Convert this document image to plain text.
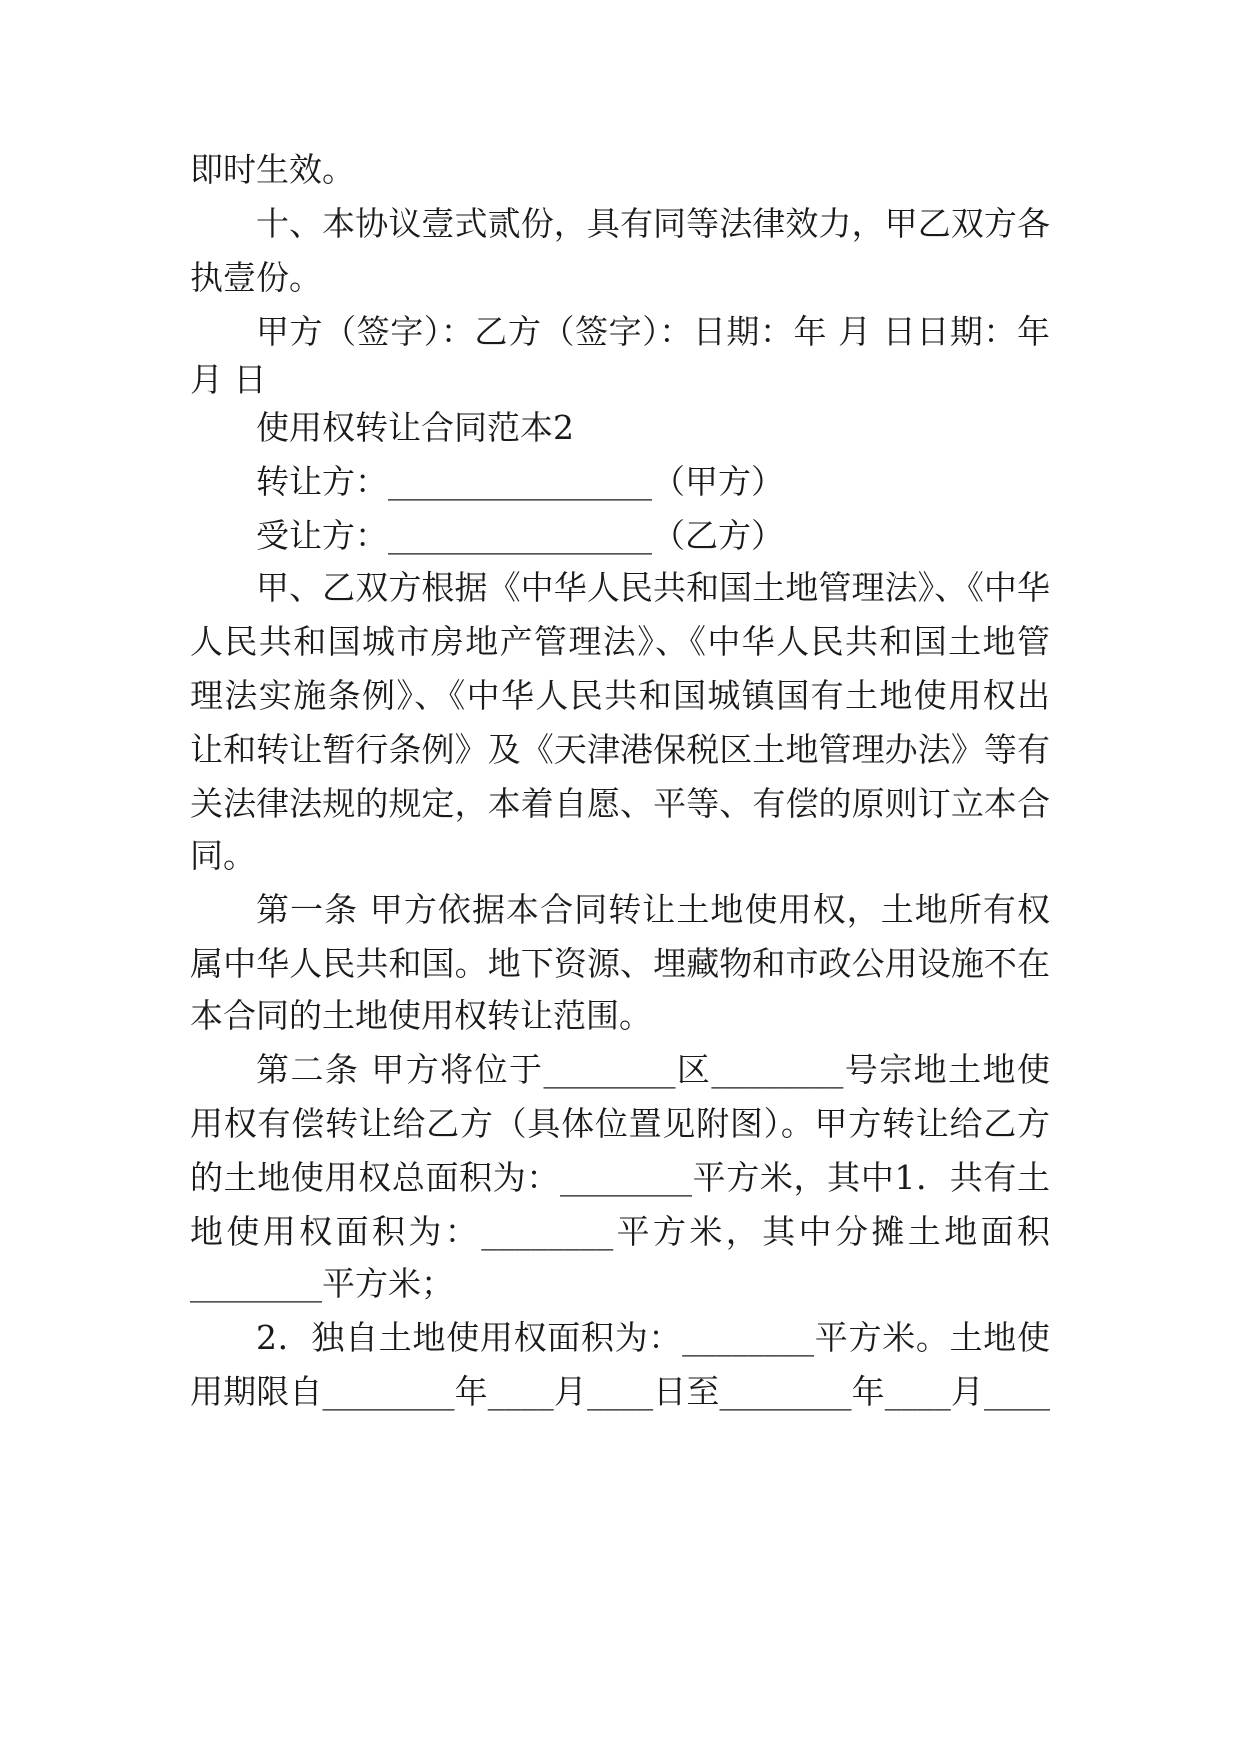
即时生效。
十、本协议壹式贰份，具有同等法律效力，甲乙双方各
执壹份。
甲方（签字）：乙方（签字）：日期：年 月 日日期：年
月 日
使用权转让合同范本2
转让方：________________（甲方）
受让方：________________（乙方）
甲、乙双方根据《中华人民共和国土地管理法》、《中华
人民共和国城市房地产管理法》、《中华人民共和国土地管
理法实施条例》、《中华人民共和国城镇国有土地使用权出
让和转让暂行条例》及《天津港保税区土地管理办法》等有
关法律法规的规定，本着自愿、平等、有偿的原则订立本合
同。
第一条 甲方依据本合同转让土地使用权，土地所有权
属中华人民共和国。地下资源、埋藏物和市政公用设施不在
本合同的土地使用权转让范围。
第二条 甲方将位于________区________号宗地土地使
用权有偿转让给乙方（具体位置见附图）。甲方转让给乙方
的土地使用权总面积为：________平方米，其中1．共有土
地使用权面积为：________平方米，其中分摊土地面积
________平方米；
2．独自土地使用权面积为：________平方米。土地使
用期限自________年____月____日至________年____月____
